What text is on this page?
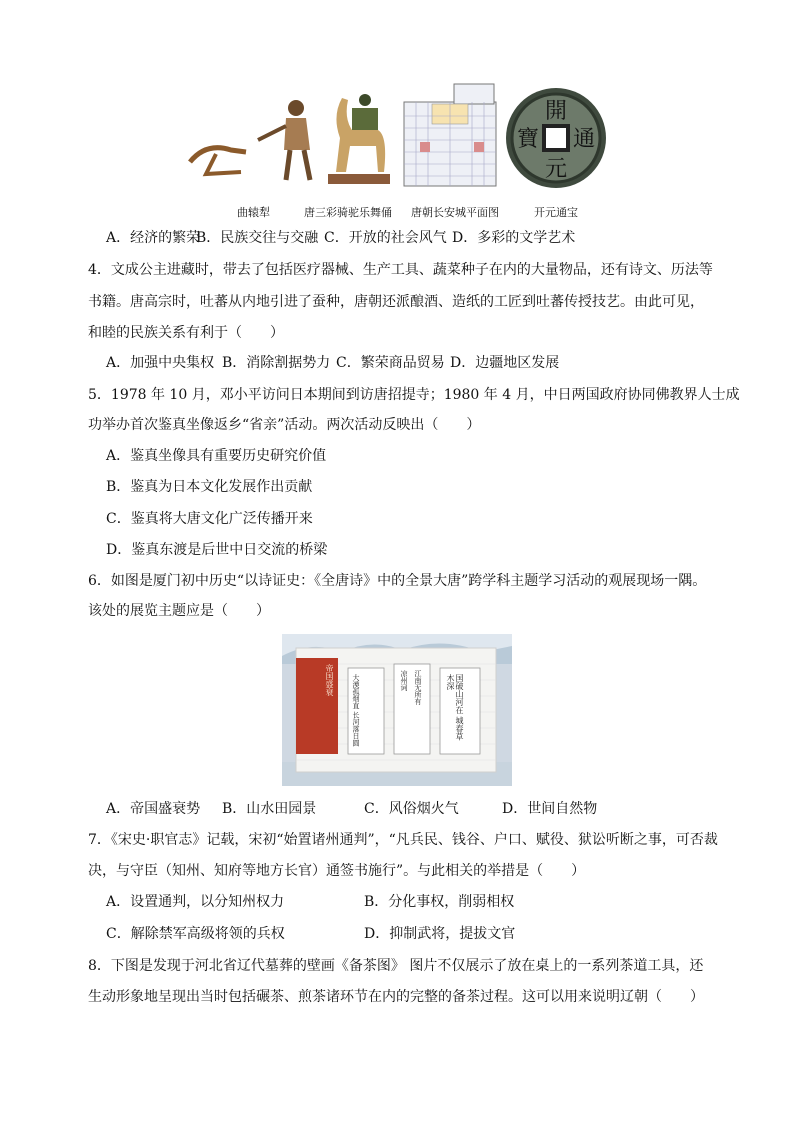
開
通
元
寶
曲辕犁	唐三彩骑驼乐舞俑 唐朝长安城平面图	开元通宝
A．经济的繁荣
B．民族交往与交融 C．开放的社会风气 D．多彩的文学艺术
4．文成公主进藏时，带去了包括医疗器械、生产工具、蔬菜种子在内的大量物品，还有诗文、历法等
书籍。唐高宗时，吐蕃从内地引进了蚕种，唐朝还派酿酒、造纸的工匠到吐蕃传授技艺。由此可见，
和睦的民族关系有利于（　　）
A．加强中央集权 B．消除割据势力 C．繁荣商品贸易 D．边疆地区发展
5．1978 年 10 月，邓小平访问日本期间到访唐招提寺；1980 年 4 月，中日两国政府协同佛教界人士成
功举办首次鉴真坐像返乡“省亲”活动。两次活动反映出（　　）
A．鉴真坐像具有重要历史研究价值
B．鉴真为日本文化发展作出贡献
C．鉴真将大唐文化广泛传播开来
D．鉴真东渡是后世中日交流的桥梁
6．如图是厦门初中历史“以诗证史：《全唐诗》中的全景大唐”跨学科主题学习活动的观展现场一隅。
该处的展览主题应是（　　）
帝国盛衰	大漠孤烟直 长河落日圆	凉州词 江南无所有	国破山河在 城春草木深
A．帝国盛衰势 B．山水田园景	C．风俗烟火气	D．世间自然物
7．《宋史·职官志》记载，宋初“始置诸州通判”，“凡兵民、钱谷、户口、赋役、狱讼听断之事，可否裁
决，与守臣（知州、知府等地方长官）通签书施行”。与此相关的举措是（　　）
A．设置通判，以分知州权力	B．分化事权，削弱相权
C．解除禁军高级将领的兵权	D．抑制武将，提拔文官
8．下图是发现于河北省辽代墓葬的壁画《备茶图》 图片不仅展示了放在桌上的一系列茶道工具，还
生动形象地呈现出当时包括碾茶、煎茶诸环节在内的完整的备茶过程。这可以用来说明辽朝（　　）
